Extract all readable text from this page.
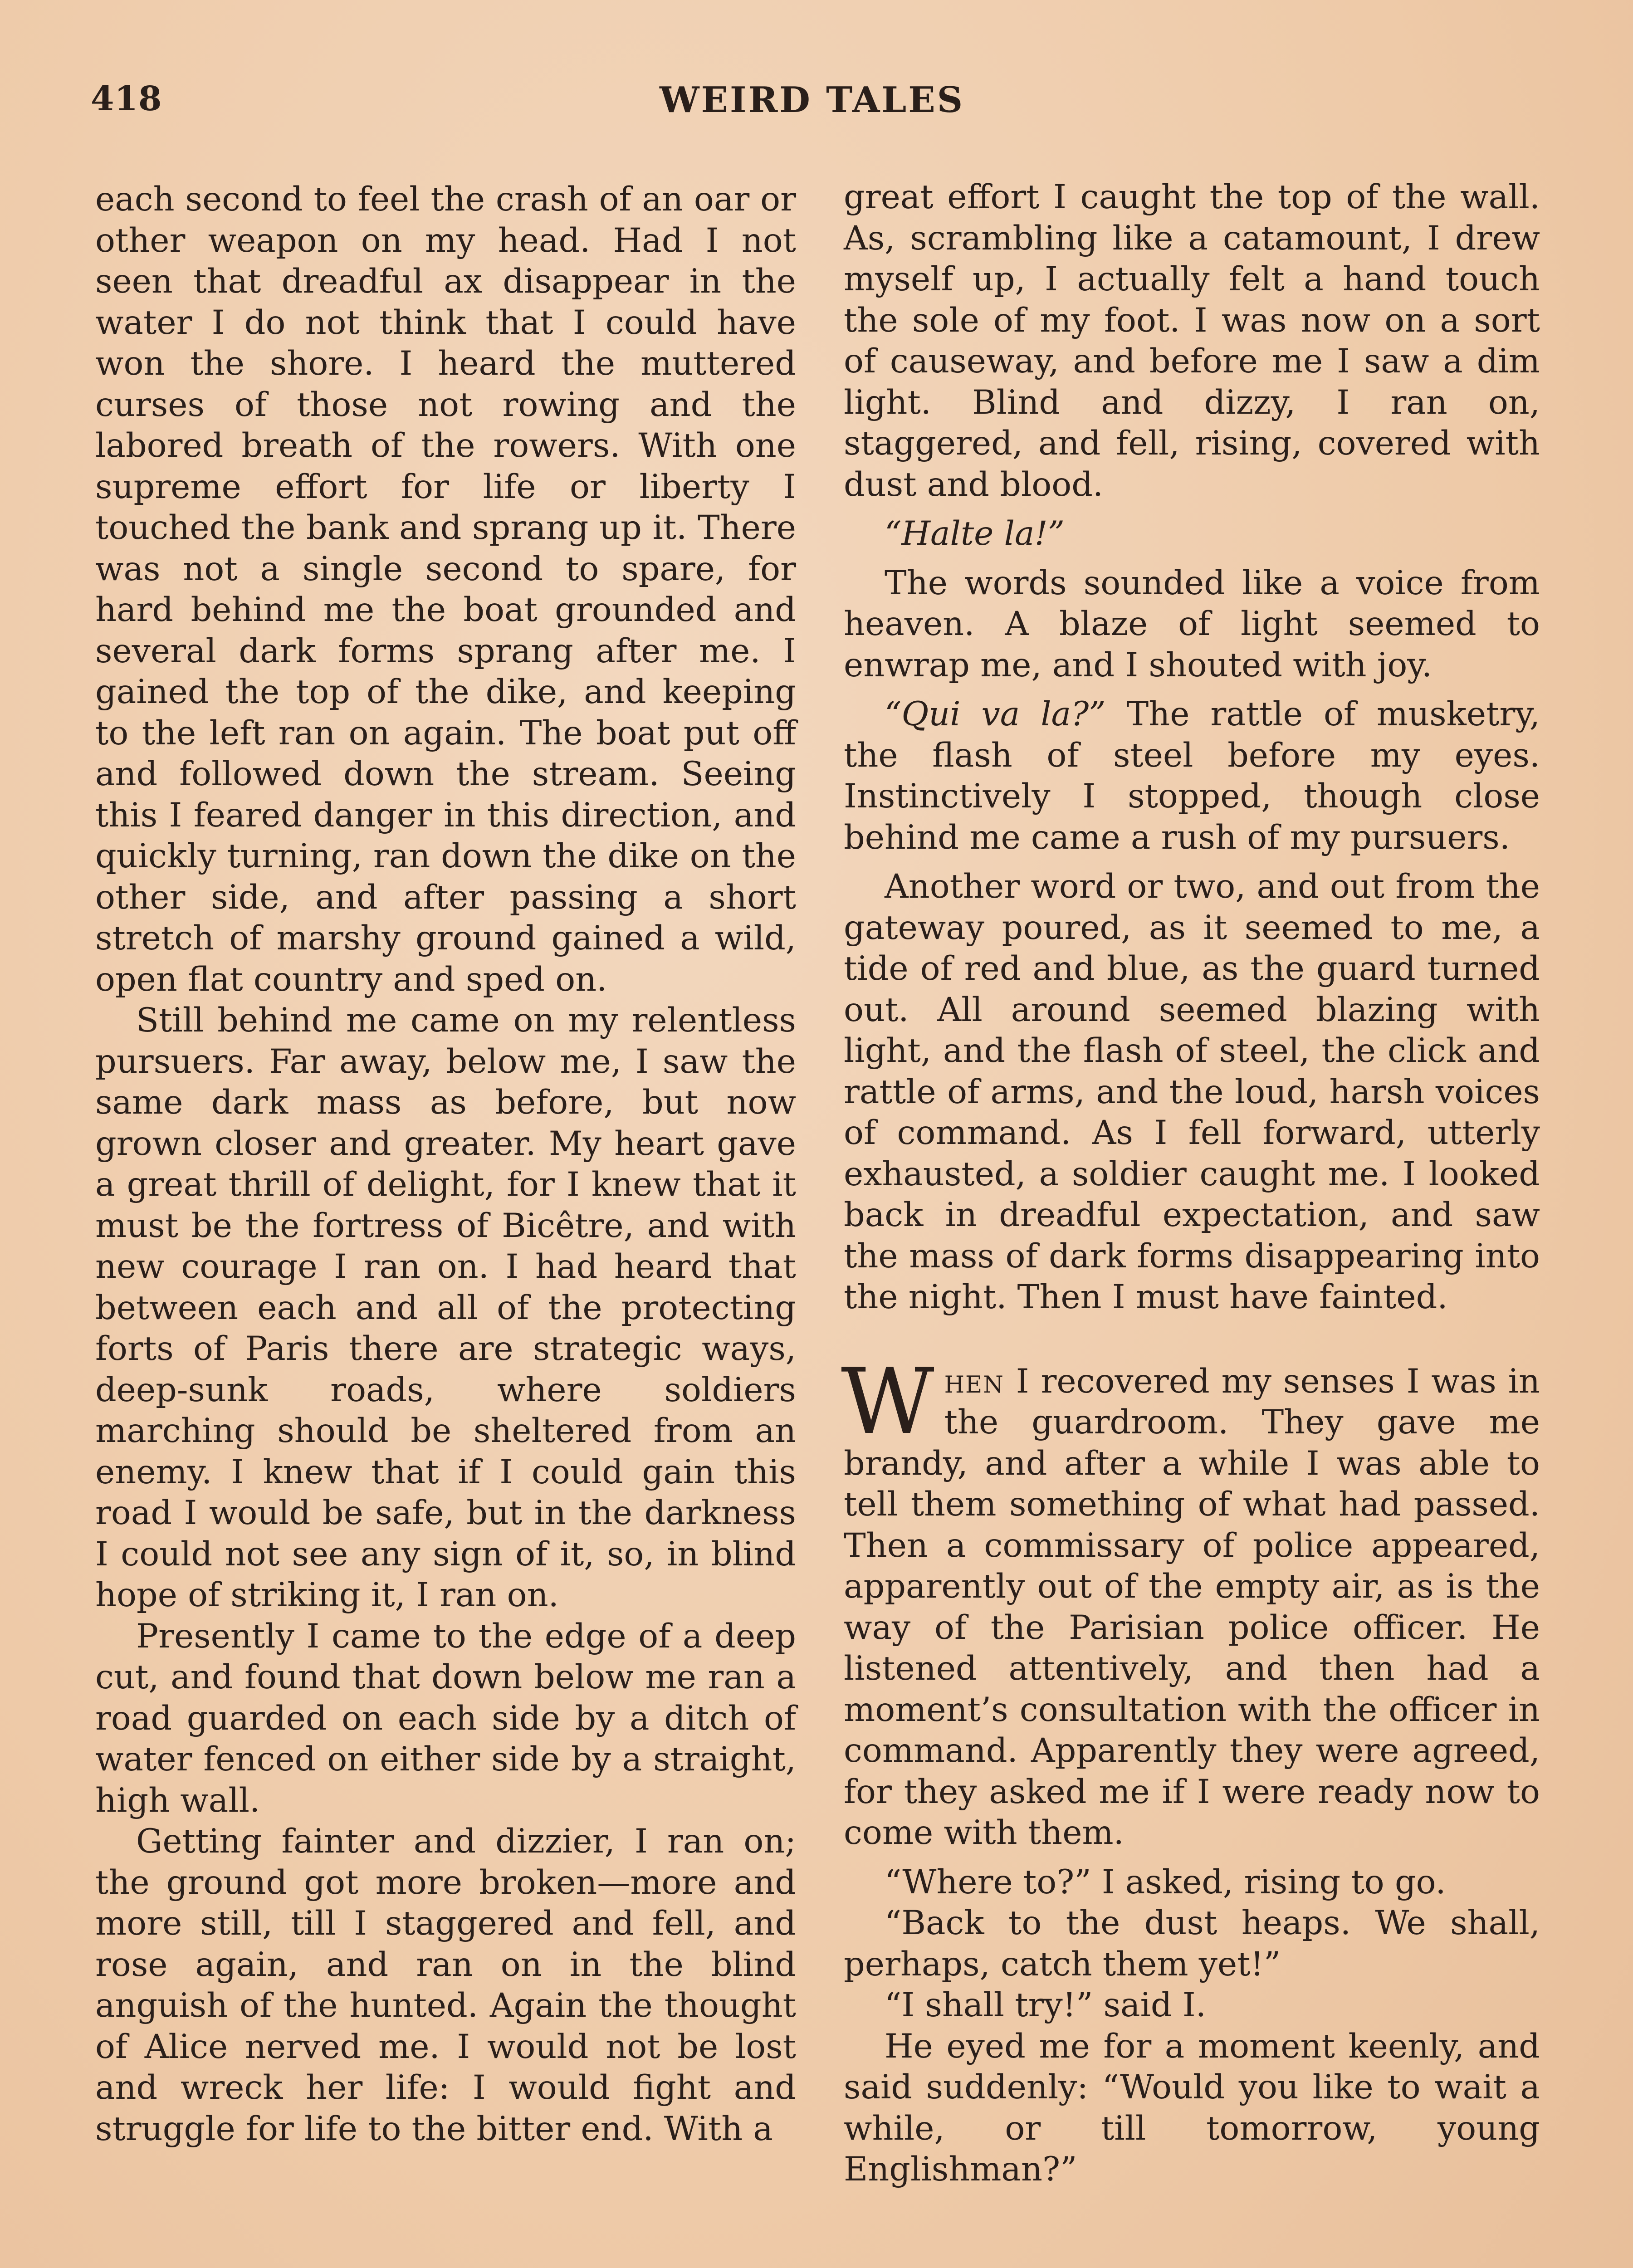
418	WEIRD TALES

each second to feel the crash of an oar or other weapon on my head. Had I not seen that dreadful ax disappear in the water I do not think that I could have won the shore. I heard the muttered curses of those not rowing and the labored breath of the rowers. With one supreme effort for life or liberty I touched the bank and sprang up it. There was not a single second to spare, for hard behind me the boat grounded and several dark forms sprang after me. I gained the top of the dike, and keeping to the left ran on again. The boat put off and followed down the stream. Seeing this I feared danger in this direction, and quickly turning, ran down the dike on the other side, and after passing a short stretch of marshy ground gained a wild, open flat country and sped on.

Still behind me came on my relentless pursuers. Far away, below me, I saw the same dark mass as before, but now grown closer and greater. My heart gave a great thrill of delight, for I knew that it must be the fortress of Bicêtre, and with new courage I ran on. I had heard that between each and all of the protecting forts of Paris there are strategic ways, deep-sunk roads, where soldiers marching should be sheltered from an enemy. I knew that if I could gain this road I would be safe, but in the darkness I could not see any sign of it, so, in blind hope of striking it, I ran on.

Presently I came to the edge of a deep cut, and found that down below me ran a road guarded on each side by a ditch of water fenced on either side by a straight, high wall.

Getting fainter and dizzier, I ran on; the ground got more broken—more and more still, till I staggered and fell, and rose again, and ran on in the blind anguish of the hunted. Again the thought of Alice nerved me. I would not be lost and wreck her life: I would fight and struggle for life to the bitter end. With a

great effort I caught the top of the wall. As, scrambling like a catamount, I drew myself up, I actually felt a hand touch the sole of my foot. I was now on a sort of causeway, and before me I saw a dim light. Blind and dizzy, I ran on, staggered, and fell, rising, covered with dust and blood.

“Halte la!”

The words sounded like a voice from heaven. A blaze of light seemed to enwrap me, and I shouted with joy.

“Qui va la?” The rattle of musketry, the flash of steel before my eyes. Instinctively I stopped, though close behind me came a rush of my pursuers.

Another word or two, and out from the gateway poured, as it seemed to me, a tide of red and blue, as the guard turned out. All around seemed blazing with light, and the flash of steel, the click and rattle of arms, and the loud, harsh voices of command. As I fell forward, utterly exhausted, a soldier caught me. I looked back in dreadful expectation, and saw the mass of dark forms disappearing into the night. Then I must have fainted.

When I recovered my senses I was in the guardroom. They gave me brandy, and after a while I was able to tell them something of what had passed. Then a commissary of police appeared, apparently out of the empty air, as is the way of the Parisian police officer. He listened attentively, and then had a moment’s consultation with the officer in command. Apparently they were agreed, for they asked me if I were ready now to come with them.

“Where to?” I asked, rising to go.

“Back to the dust heaps. We shall, perhaps, catch them yet!”

“I shall try!” said I.

He eyed me for a moment keenly, and said suddenly: “Would you like to wait a while, or till tomorrow, young Englishman?”
